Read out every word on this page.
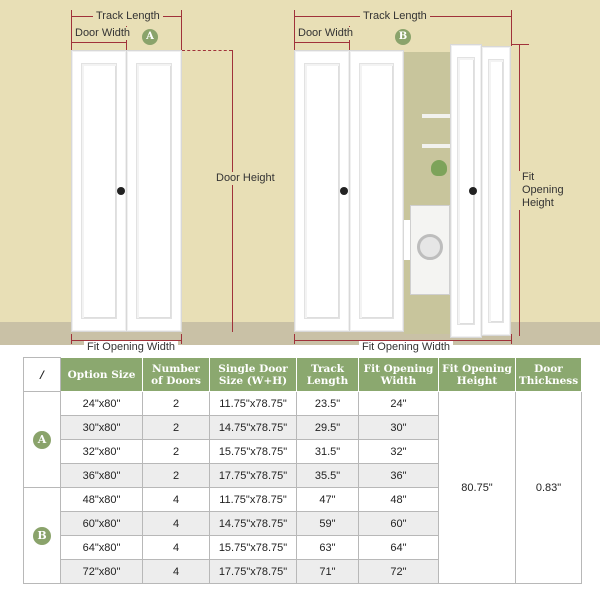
Track Length
Door Width	A
Door Height
Track Length
Door Width	B
Fit Opening Height
Fit Opening Width	Fit Opening Width
/	Option Size	Number of Doors	Single Door Size (W+H)	Track Length	Fit Opening Width	Fit Opening Height	Door Thickness
A	24"x80"	2	11.75"x78.75"	23.5"	24"	80.75"	0.83"
	30"x80"	2	14.75"x78.75"	29.5"	30"		
	32"x80"	2	15.75"x78.75"	31.5"	32"		
	36"x80"	2	17.75"x78.75"	35.5"	36"		
B	48"x80"	4	11.75"x78.75"	47"	48"		
	60"x80"	4	14.75"x78.75"	59"	60"		
	64"x80"	4	15.75"x78.75"	63"	64"		
	72"x80"	4	17.75"x78.75"	71"	72"		
